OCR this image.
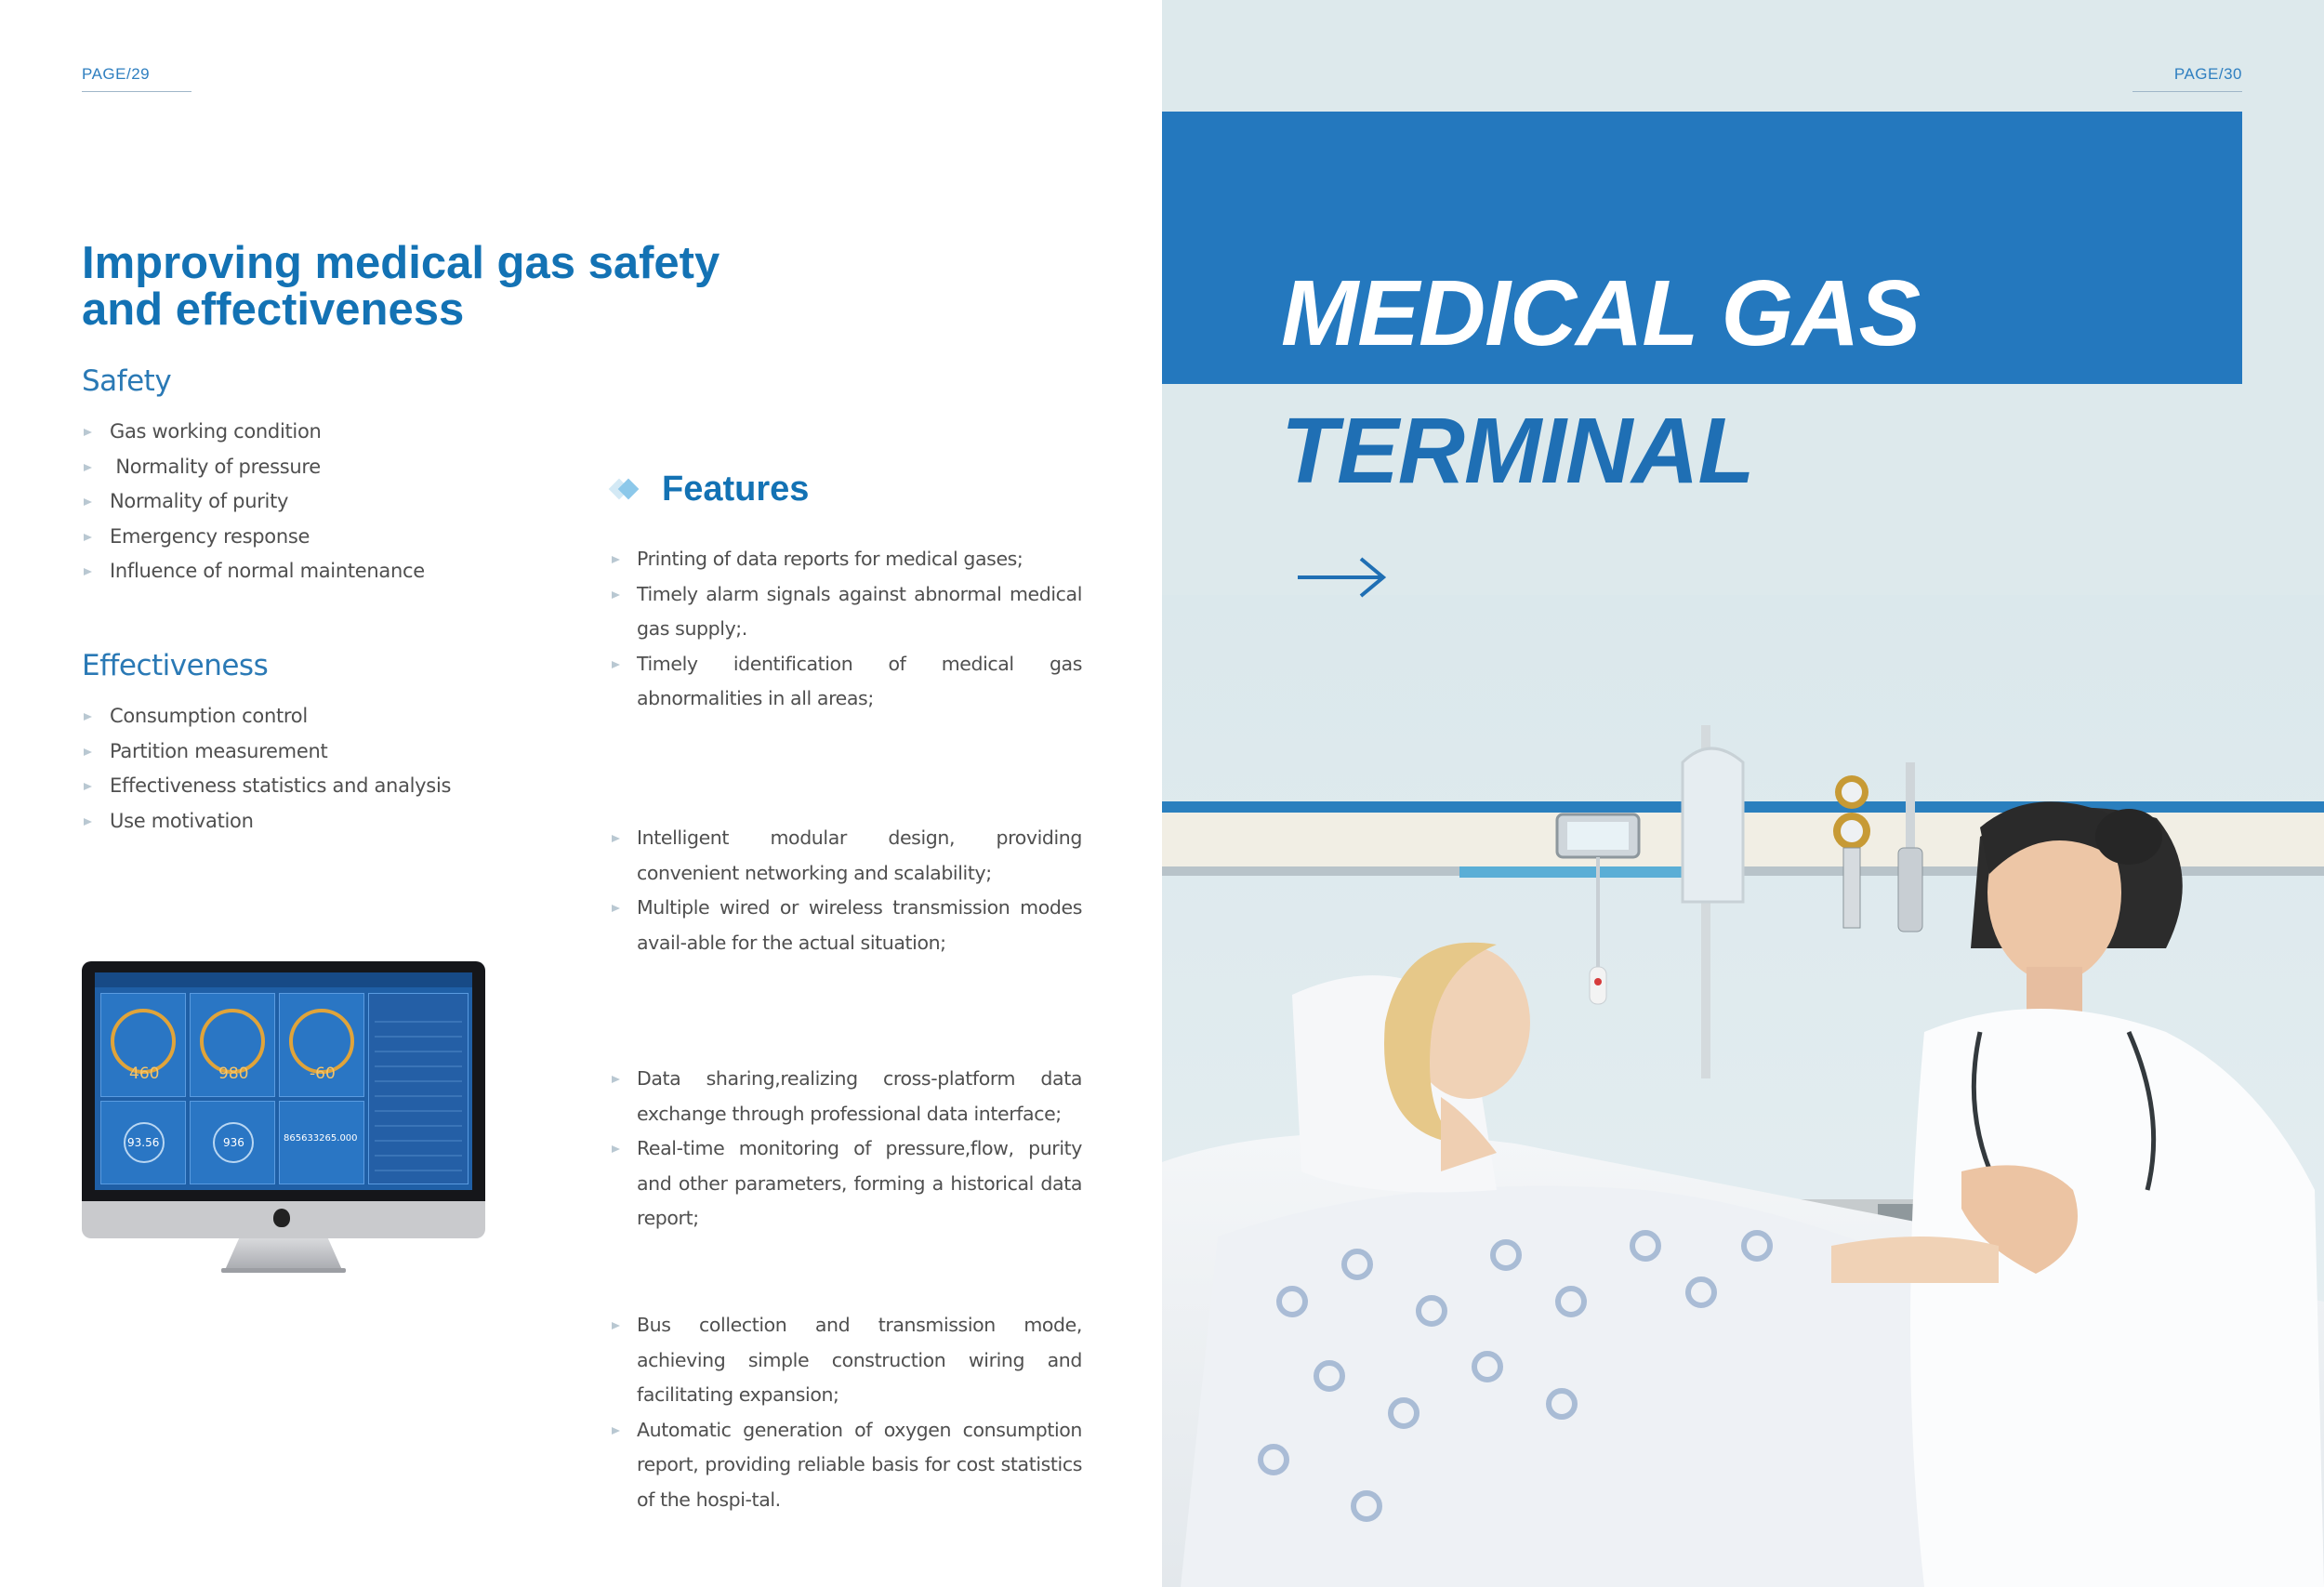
PAGE/29
Improving medical gas safety and effectiveness
Safety
Gas working condition
Normality of pressure
Normality of purity
Emergency response
Influence of normal maintenance
Effectiveness
Consumption control
Partition measurement
Effectiveness statistics and analysis
Use motivation
Features
Printing of data reports for medical gases;
Timely alarm signals against abnormal medical gas supply;.
Timely identification of medical gas abnormalities in all areas;
Intelligent modular design, providing convenient networking and scalability;
Multiple wired or wireless transmission modes avail-able for the actual situation;
Data sharing,realizing cross-platform data exchange through professional data interface;
Real-time monitoring of pressure,flow, purity and other parameters, forming a historical data report;
Bus collection and transmission mode, achieving simple construction wiring and facilitating expansion;
Automatic generation of oxygen consumption report, providing reliable basis for cost statistics of the hospi-tal.
460	980	-60
93.56	936	865633265.000
PAGE/30
MEDICAL GAS
TERMINAL
